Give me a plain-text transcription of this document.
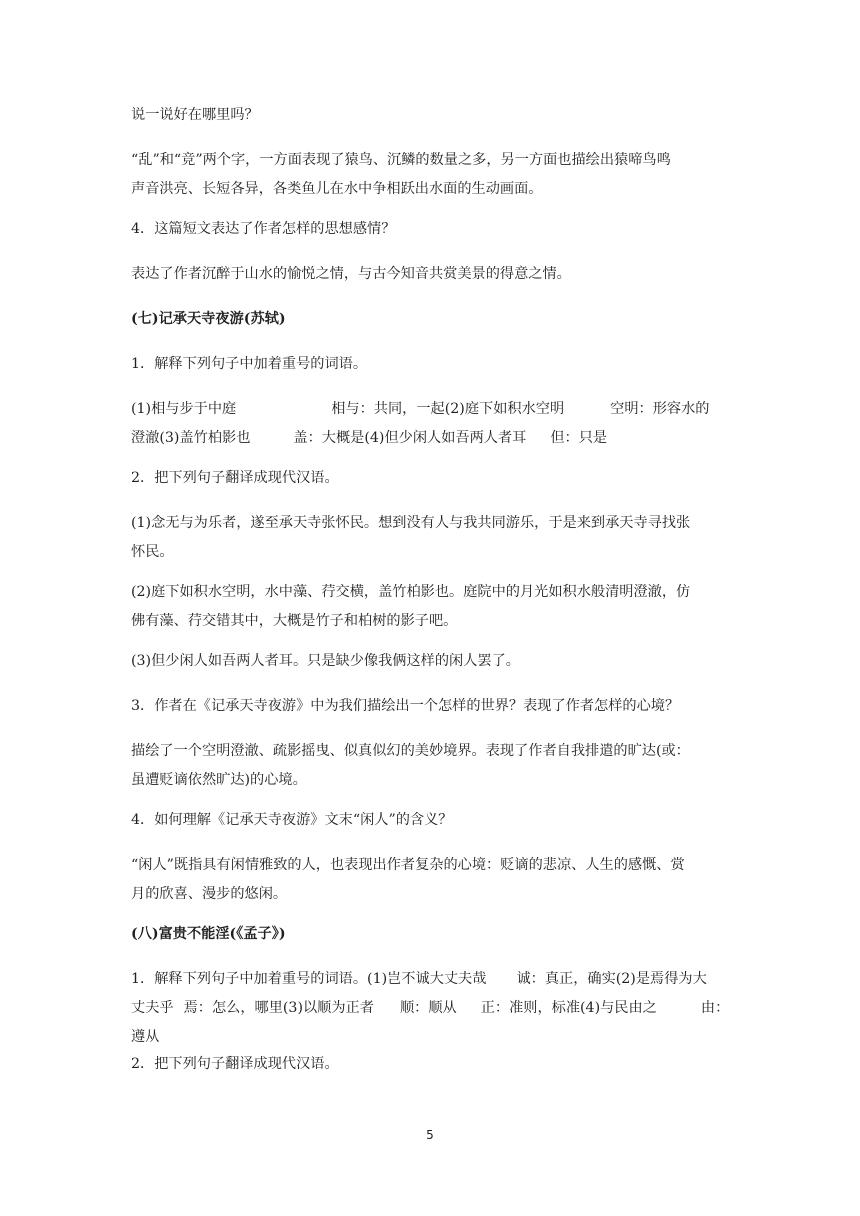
说一说好在哪里吗？

“乱”和“竞”两个字，一方面表现了猿鸟、沉鳞的数量之多，另一方面也描绘出猿啼鸟鸣
声音洪亮、长短各异，各类鱼儿在水中争相跃出水面的生动画面。

4．这篇短文表达了作者怎样的思想感情？

表达了作者沉醉于山水的愉悦之情，与古今知音共赏美景的得意之情。

(七)记承天寺夜游(苏轼)

1．解释下列句子中加着重号的词语。

(1)相与步于中庭	相与：共同，一起(2)庭下如积水空明	空明：形容水的
澄澈(3)盖竹柏影也	盖：大概是(4)但少闲人如吾两人者耳 但：只是

2．把下列句子翻译成现代汉语。

(1)念无与为乐者，遂至承天寺张怀民。想到没有人与我共同游乐，于是来到承天寺寻找张
怀民。

(2)庭下如积水空明，水中藻、荇交横，盖竹柏影也。庭院中的月光如积水般清明澄澈，仿
佛有藻、荇交错其中，大概是竹子和柏树的影子吧。

(3)但少闲人如吾两人者耳。只是缺少像我俩这样的闲人罢了。

3．作者在《记承天寺夜游》中为我们描绘出一个怎样的世界？表现了作者怎样的心境？

描绘了一个空明澄澈、疏影摇曳、似真似幻的美妙境界。表现了作者自我排遣的旷达(或：
虽遭贬谪依然旷达)的心境。

4．如何理解《记承天寺夜游》文末“闲人”的含义？

“闲人”既指具有闲情雅致的人，也表现出作者复杂的心境：贬谪的悲凉、人生的感慨、赏
月的欣喜、漫步的悠闲。

(八)富贵不能淫(《孟子》)

1．解释下列句子中加着重号的词语。(1)岂不诚大丈夫哉 诚：真正，确实(2)是焉得为大
丈夫乎 焉：怎么，哪里(3)以顺为正者 顺：顺从 正：准则，标准(4)与民由之	由：
遵从

2．把下列句子翻译成现代汉语。

5
